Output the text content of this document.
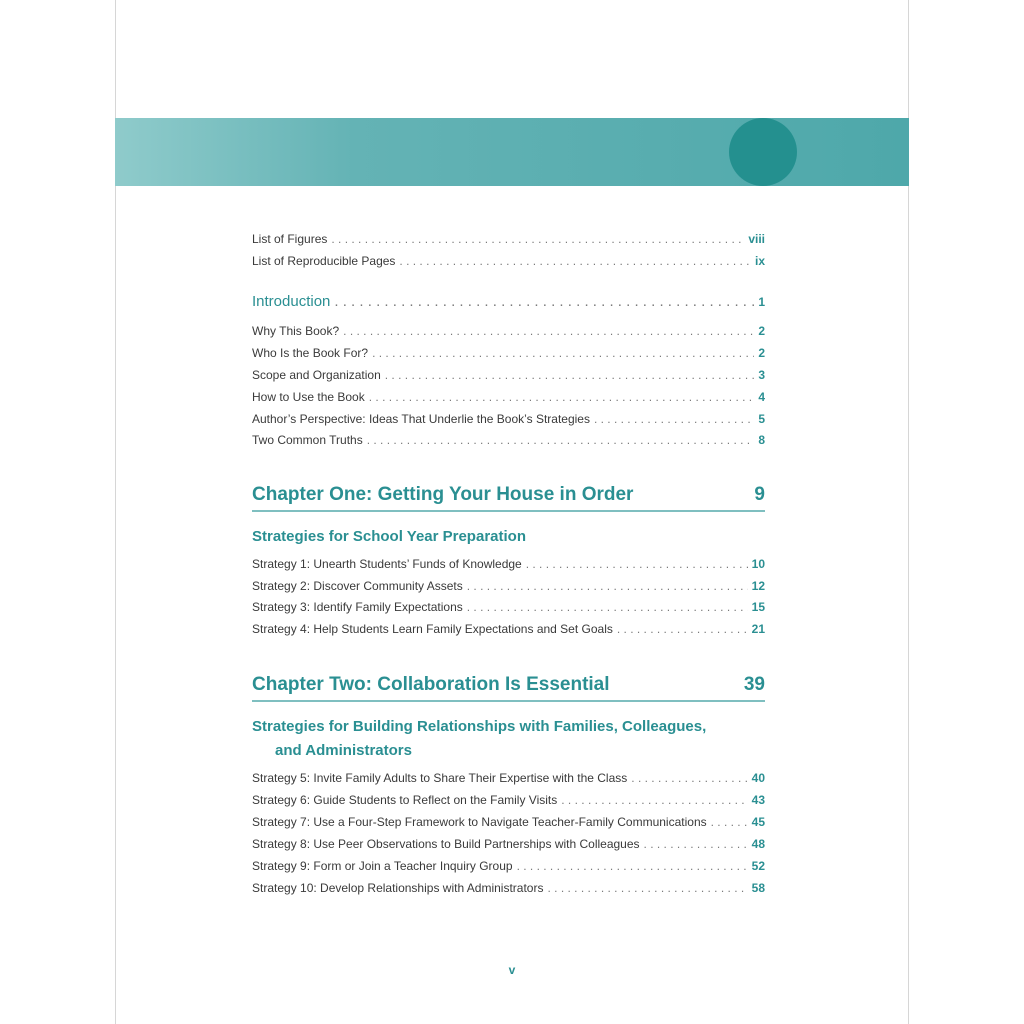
Contents
List of Figures . . .	viii
List of Reproducible Pages . . .	ix
Introduction . . .	1
Why This Book? . . .	2
Who Is the Book For? . . .	2
Scope and Organization . . .	3
How to Use the Book . . .	4
Author’s Perspective: Ideas That Underlie the Book’s Strategies . . .	5
Two Common Truths . . .	8
Chapter One: Getting Your House in Order	9
Strategies for School Year Preparation
Strategy 1: Unearth Students’ Funds of Knowledge . . .	10
Strategy 2: Discover Community Assets . . .	12
Strategy 3: Identify Family Expectations . . .	15
Strategy 4: Help Students Learn Family Expectations and Set Goals . . .	21
Chapter Two: Collaboration Is Essential	39
Strategies for Building Relationships with Families, Colleagues,
and Administrators
Strategy 5: Invite Family Adults to Share Their Expertise with the Class . . .	40
Strategy 6: Guide Students to Reflect on the Family Visits . . .	43
Strategy 7: Use a Four-Step Framework to Navigate Teacher-Family Communications . . .	45
Strategy 8: Use Peer Observations to Build Partnerships with Colleagues . . .	48
Strategy 9: Form or Join a Teacher Inquiry Group . . .	52
Strategy 10: Develop Relationships with Administrators . . .	58
v
